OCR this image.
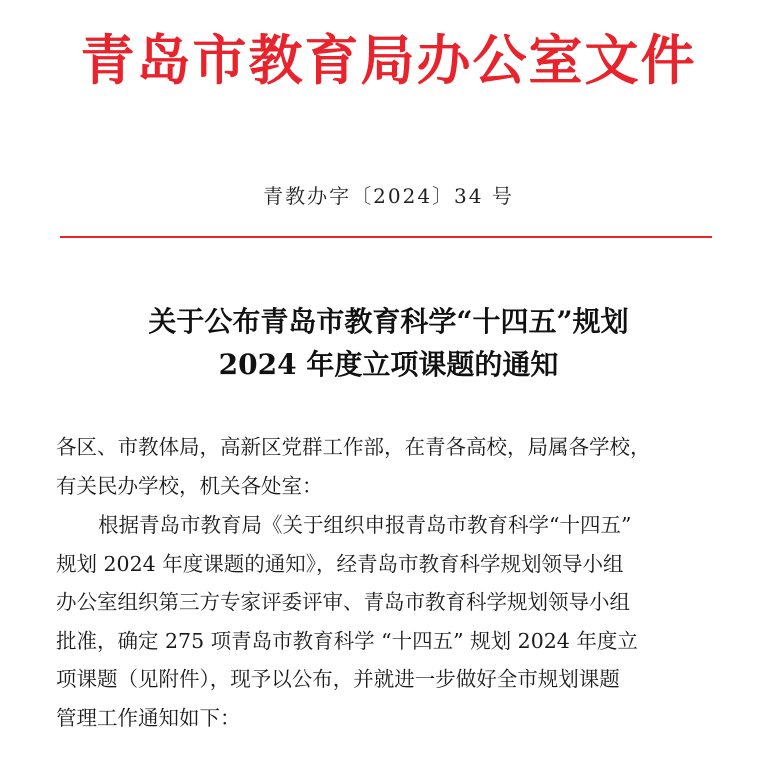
青岛市教育局办公室文件
青教办字〔2024〕34 号
关于公布青岛市教育科学“十四五”规划
2024 年度立项课题的通知
各区、市教体局，高新区党群工作部，在青各高校，局属各学校，
有关民办学校，机关各处室：
根据青岛市教育局《关于组织申报青岛市教育科学“十四五”
规划 2024 年度课题的通知》，经青岛市教育科学规划领导小组
办公室组织第三方专家评委评审、青岛市教育科学规划领导小组
批准，确定 275 项青岛市教育科学 “十四五” 规划 2024 年度立
项课题（见附件），现予以公布，并就进一步做好全市规划课题
管理工作通知如下：
